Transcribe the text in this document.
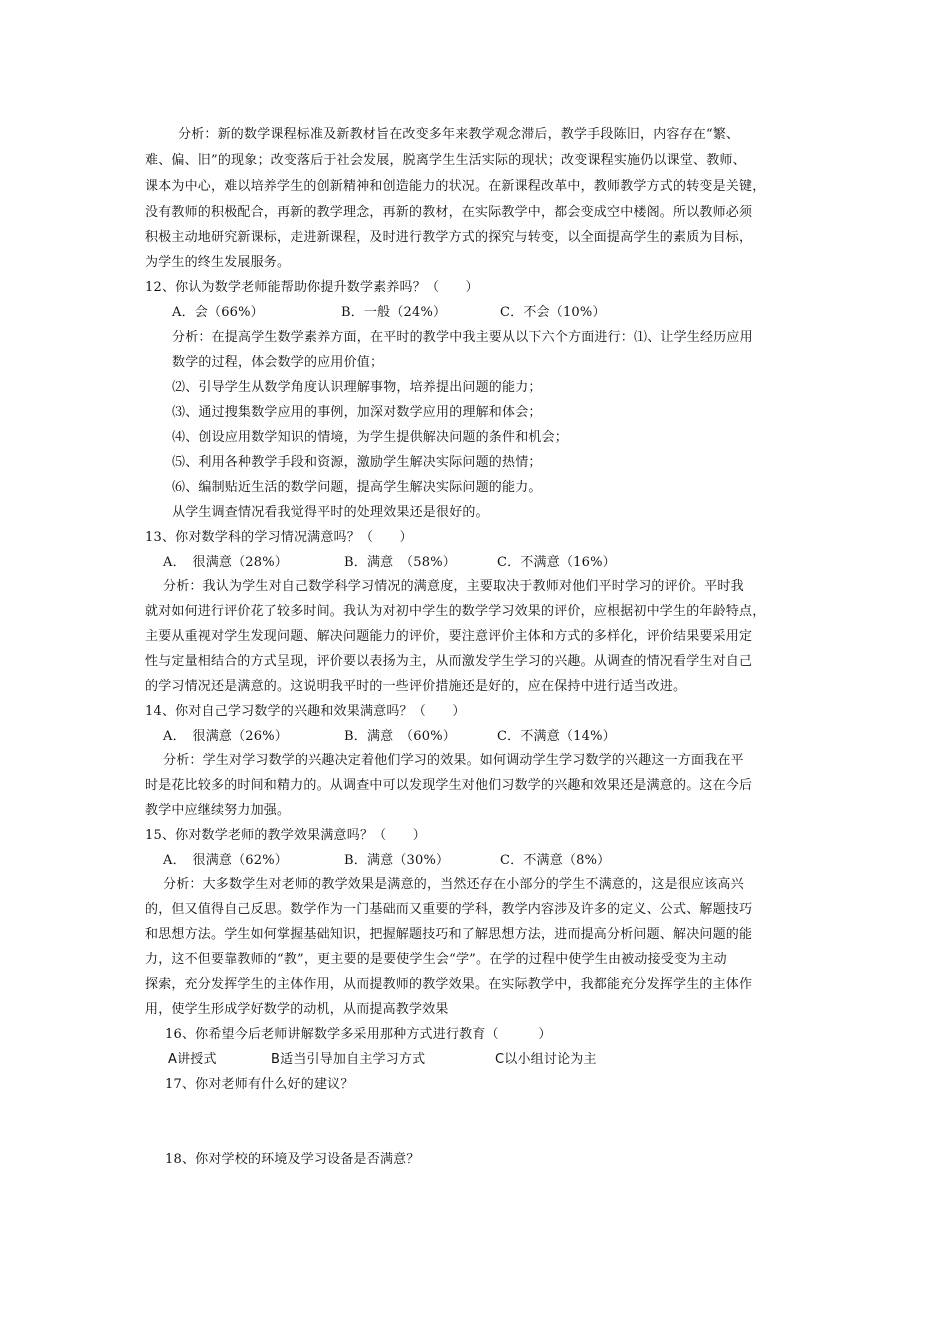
分析：新的数学课程标准及新教材旨在改变多年来教学观念滞后，教学手段陈旧，内容存在“繁、
难、偏、旧”的现象；改变落后于社会发展，脱离学生生活实际的现状；改变课程实施仍以课堂、教师、
课本为中心，难以培养学生的创新精神和创造能力的状况。在新课程改革中，教师教学方式的转变是关键，
没有教师的积极配合，再新的教学理念，再新的教材，在实际教学中，都会变成空中楼阁。所以教师必须
积极主动地研究新课标，走进新课程，及时进行教学方式的探究与转变，以全面提高学生的素质为目标，
为学生的终生发展服务。
12、你认为数学老师能帮助你提升数学素养吗？（　　）
A．会（66%）	B．一般（24%）	C．不会（10%）
分析：在提高学生数学素养方面，在平时的教学中我主要从以下六个方面进行：⑴、让学生经历应用
数学的过程，体会数学的应用价值；
⑵、引导学生从数学角度认识理解事物，培养提出问题的能力；
⑶、通过搜集数学应用的事例，加深对数学应用的理解和体会；
⑷、创设应用数学知识的情境，为学生提供解决问题的条件和机会；
⑸、利用各种教学手段和资源，激励学生解决实际问题的热情；
⑹、编制贴近生活的数学问题，提高学生解决实际问题的能力。
从学生调查情况看我觉得平时的处理效果还是很好的。
13、你对数学科的学习情况满意吗？（　　）
A．　很满意（28%）	B．满意　（58%）	C．不满意（16%）
分析：我认为学生对自己数学科学习情况的满意度，主要取决于教师对他们平时学习的评价。平时我
就对如何进行评价花了较多时间。我认为对初中学生的数学学习效果的评价，应根据初中学生的年龄特点，
主要从重视对学生发现问题、解决问题能力的评价，要注意评价主体和方式的多样化，评价结果要采用定
性与定量相结合的方式呈现，评价要以表扬为主，从而激发学生学习的兴趣。从调查的情况看学生对自己
的学习情况还是满意的。这说明我平时的一些评价措施还是好的，应在保持中进行适当改进。
14、你对自己学习数学的兴趣和效果满意吗？（　　）
A．　很满意（26%）	B．满意　（60%）	C．不满意（14%）
分析：学生对学习数学的兴趣决定着他们学习的效果。如何调动学生学习数学的兴趣这一方面我在平
时是花比较多的时间和精力的。从调查中可以发现学生对他们习数学的兴趣和效果还是满意的。这在今后
教学中应继续努力加强。
15、你对数学老师的教学效果满意吗？（　　）
A．　很满意（62%）	B．满意（30%）	C．不满意（8%）
分析：大多数学生对老师的教学效果是满意的，当然还存在小部分的学生不满意的，这是很应该高兴
的，但又值得自己反思。数学作为一门基础而又重要的学科，教学内容涉及许多的定义、公式、解题技巧
和思想方法。学生如何掌握基础知识，把握解题技巧和了解思想方法，进而提高分析问题、解决问题的能
力，这不但要靠教师的“教”，更主要的是要使学生会“学”。在学的过程中使学生由被动接受变为主动
探索，充分发挥学生的主体作用，从而提教师的教学效果。在实际教学中，我都能充分发挥学生的主体作
用，使学生形成学好数学的动机，从而提高教学效果
16、你希望今后老师讲解数学多采用那种方式进行教育（　　　）
A讲授式	B适当引导加自主学习方式	C以小组讨论为主
17、你对老师有什么好的建议？
18、你对学校的环境及学习设备是否满意？
